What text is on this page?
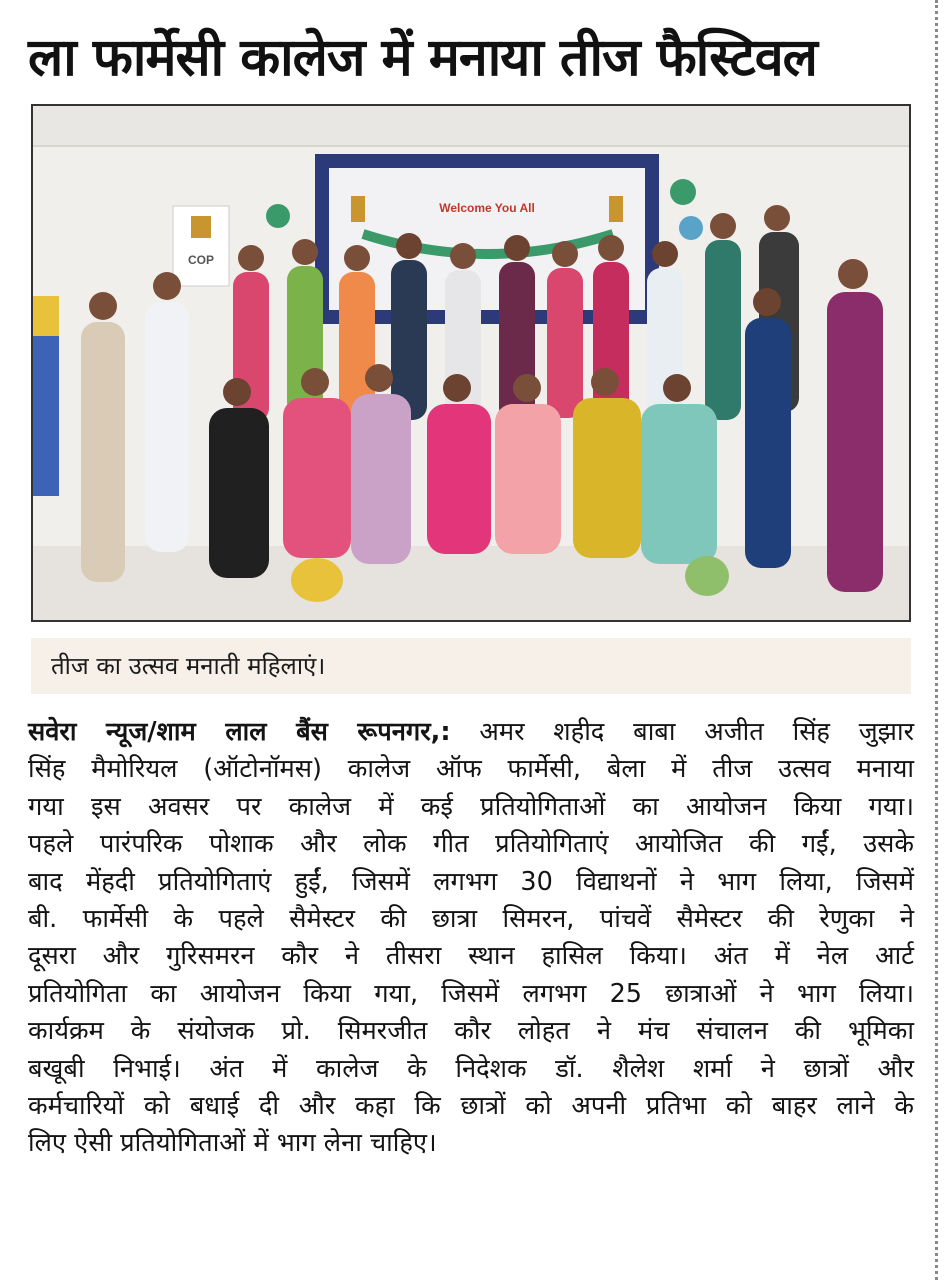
ला फार्मेसी कालेज में मनाया तीज फैस्टिवल
Welcome You All
COP
तीज का उत्सव मनाती महिलाएं।
सवेरा न्यूज/शाम लाल बैंस रूपनगर,: अमर शहीद बाबा अजीत सिंह जुझार
सिंह मैमोरियल (ऑटोनॉमस) कालेज ऑफ फार्मेसी, बेला में तीज उत्सव मनाया
गया इस अवसर पर कालेज में कई प्रतियोगिताओं का आयोजन किया गया।
पहले पारंपरिक पोशाक और लोक गीत प्रतियोगिताएं आयोजित की गईं, उसके
बाद मेंहदी प्रतियोगिताएं हुईं, जिसमें लगभग 30 विद्याथनों ने भाग लिया, जिसमें
बी. फार्मेसी के पहले सैमेस्टर की छात्रा सिमरन, पांचवें सैमेस्टर की रेणुका ने
दूसरा और गुरिसमरन कौर ने तीसरा स्थान हासिल किया। अंत में नेल आर्ट
प्रतियोगिता का आयोजन किया गया, जिसमें लगभग 25 छात्राओं ने भाग लिया।
कार्यक्रम के संयोजक प्रो. सिमरजीत कौर लोहत ने मंच संचालन की भूमिका
बखूबी निभाई। अंत में कालेज के निदेशक डॉ. शैलेश शर्मा ने छात्रों और
कर्मचारियों को बधाई दी और कहा कि छात्रों को अपनी प्रतिभा को बाहर लाने के
लिए ऐसी प्रतियोगिताओं में भाग लेना चाहिए।
